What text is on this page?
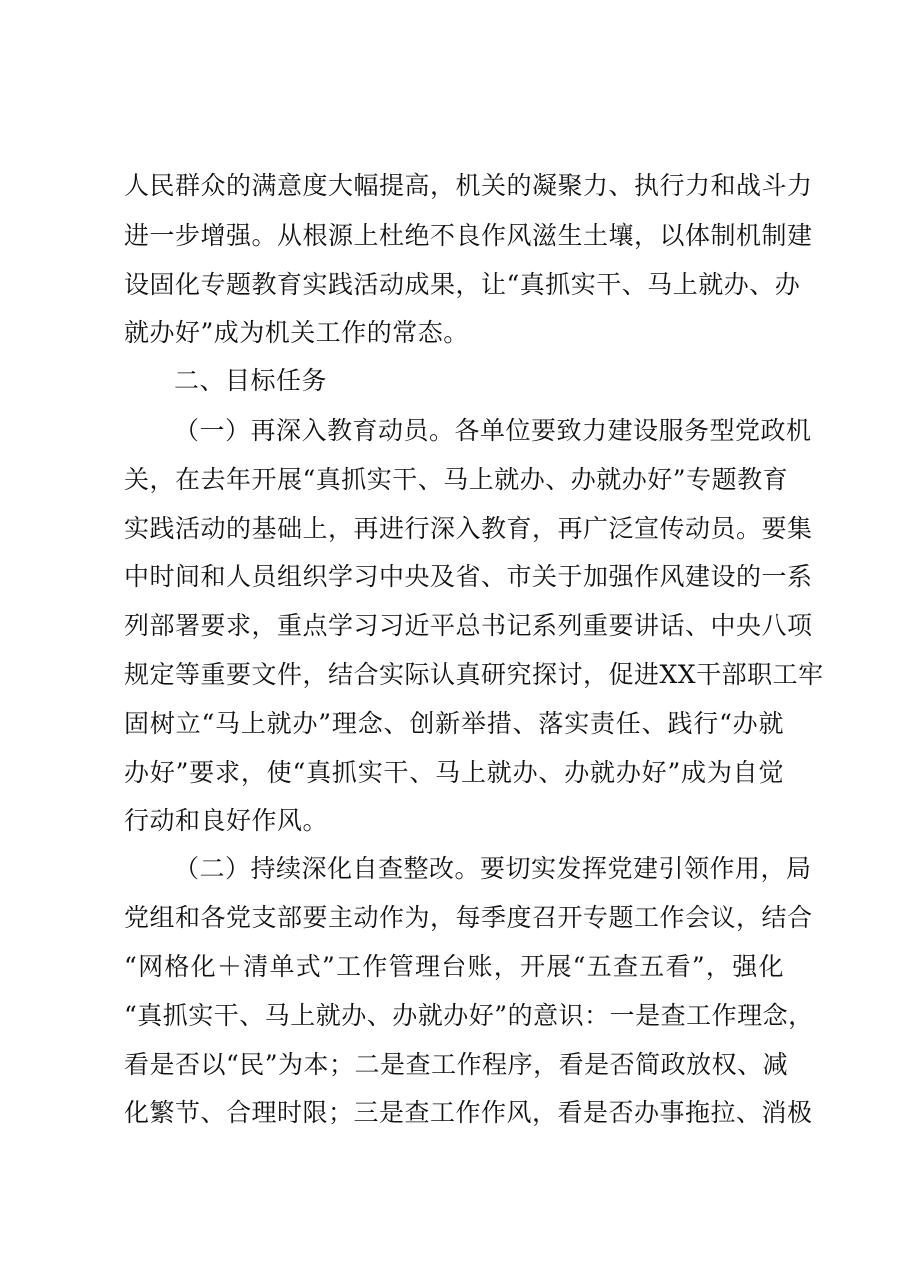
人民群众的满意度大幅提高，机关的凝聚力、执行力和战斗力
进一步增强。从根源上杜绝不良作风滋生土壤，以体制机制建
设固化专题教育实践活动成果，让“真抓实干、马上就办、办
就办好”成为机关工作的常态。
二、目标任务
（一）再深入教育动员。各单位要致力建设服务型党政机
关，在去年开展“真抓实干、马上就办、办就办好”专题教育
实践活动的基础上，再进行深入教育，再广泛宣传动员。要集
中时间和人员组织学习中央及省、市关于加强作风建设的一系
列部署要求，重点学习习近平总书记系列重要讲话、中央八项
规定等重要文件，结合实际认真研究探讨，促进XX干部职工牢
固树立“马上就办”理念、创新举措、落实责任、践行“办就
办好”要求，使“真抓实干、马上就办、办就办好”成为自觉
行动和良好作风。
（二）持续深化自查整改。要切实发挥党建引领作用，局
党组和各党支部要主动作为，每季度召开专题工作会议，结合
“网格化＋清单式”工作管理台账，开展“五查五看”，强化
“真抓实干、马上就办、办就办好”的意识：一是查工作理念，
看是否以“民”为本；二是查工作程序，看是否简政放权、减
化繁节、合理时限；三是查工作作风，看是否办事拖拉、消极
